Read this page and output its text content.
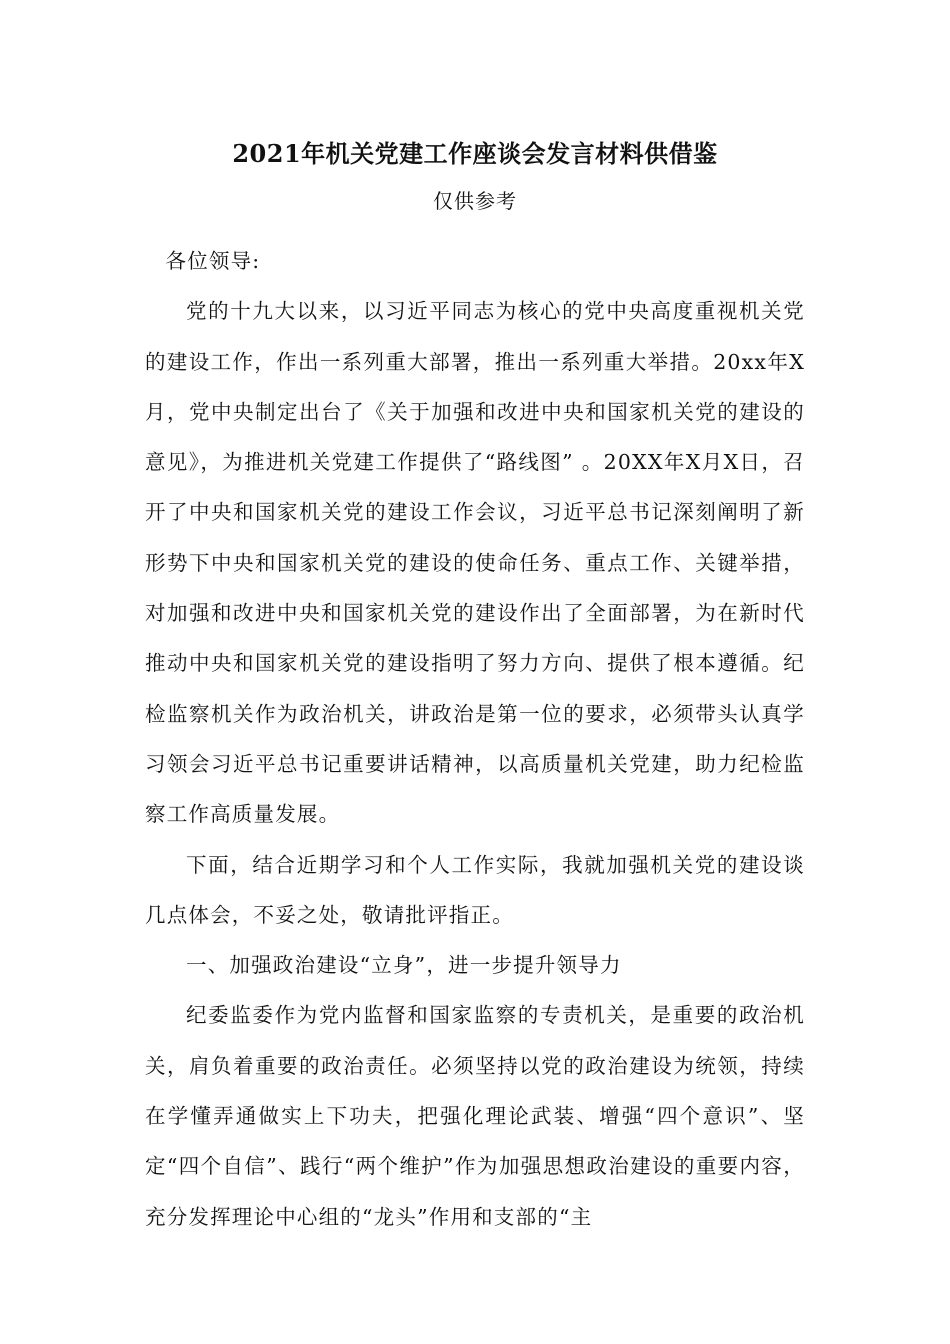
2021年机关党建工作座谈会发言材料供借鉴
仅供参考

各位领导:

党的十九大以来，以习近平同志为核心的党中央高度重视机关党的建设工作，作出一系列重大部署，推出一系列重大举措。20xx年X月，党中央制定出台了《关于加强和改进中央和国家机关党的建设的意见》，为推进机关党建工作提供了“路线图” 。20XX年X月X日，召开了中央和国家机关党的建设工作会议，习近平总书记深刻阐明了新形势下中央和国家机关党的建设的使命任务、重点工作、关键举措，对加强和改进中央和国家机关党的建设作出了全面部署，为在新时代推动中央和国家机关党的建设指明了努力方向、提供了根本遵循。纪检监察机关作为政治机关，讲政治是第一位的要求，必须带头认真学习领会习近平总书记重要讲话精神，以高质量机关党建，助力纪检监察工作高质量发展。

下面，结合近期学习和个人工作实际，我就加强机关党的建设谈几点体会，不妥之处，敬请批评指正。

一、加强政治建设“立身”，进一步提升领导力

纪委监委作为党内监督和国家监察的专责机关，是重要的政治机关，肩负着重要的政治责任。必须坚持以党的政治建设为统领，持续在学懂弄通做实上下功夫，把强化理论武装、增强“四个意识”、坚定“四个自信”、践行“两个维护”作为加强思想政治建设的重要内容，充分发挥理论中心组的“龙头”作用和支部的“主
